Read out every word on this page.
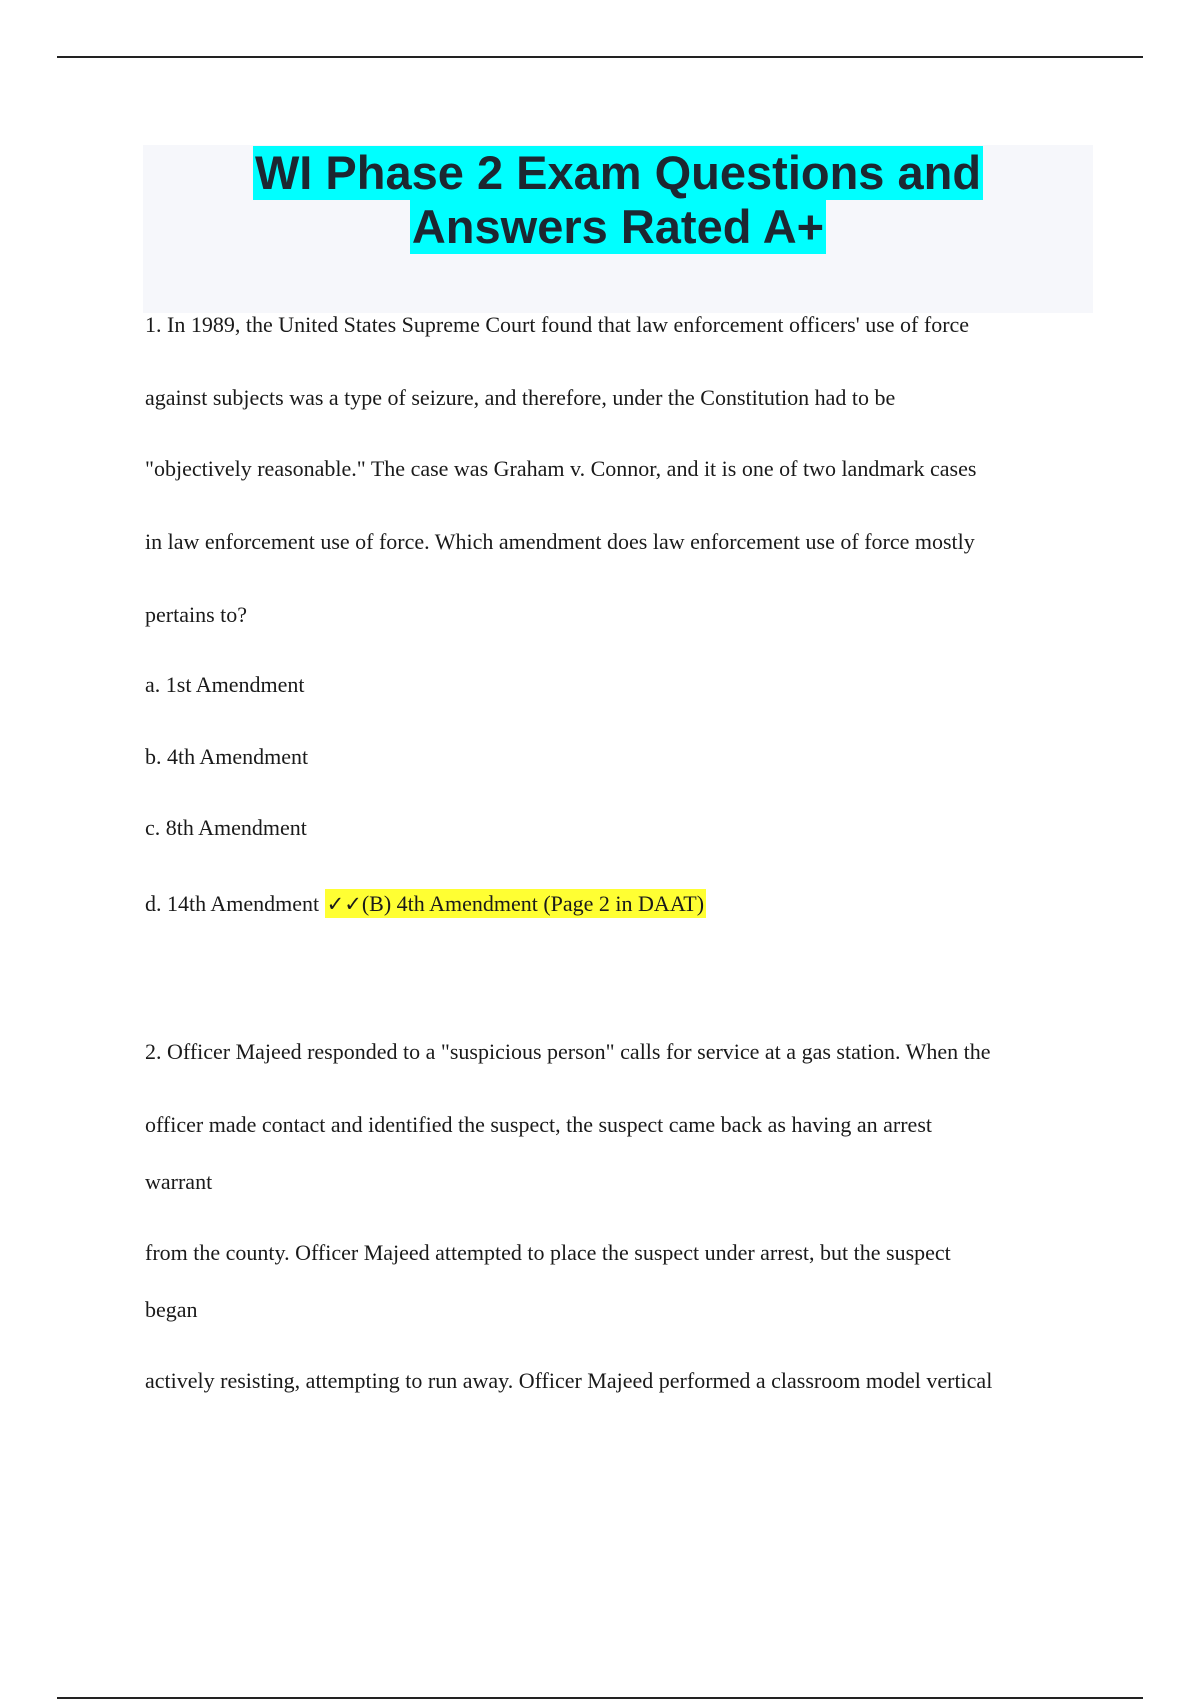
WI Phase 2 Exam Questions and
Answers Rated A+
1. In 1989, the United States Supreme Court found that law enforcement officers' use of force
against subjects was a type of seizure, and therefore, under the Constitution had to be
"objectively reasonable." The case was Graham v. Connor, and it is one of two landmark cases
in law enforcement use of force. Which amendment does law enforcement use of force mostly
pertains to?
a. 1st Amendment
b. 4th Amendment
c. 8th Amendment
d. 14th Amendment ✓✓(B) 4th Amendment (Page 2 in DAAT)
2. Officer Majeed responded to a "suspicious person" calls for service at a gas station. When the
officer made contact and identified the suspect, the suspect came back as having an arrest
warrant
from the county. Officer Majeed attempted to place the suspect under arrest, but the suspect
began
actively resisting, attempting to run away. Officer Majeed performed a classroom model vertical
